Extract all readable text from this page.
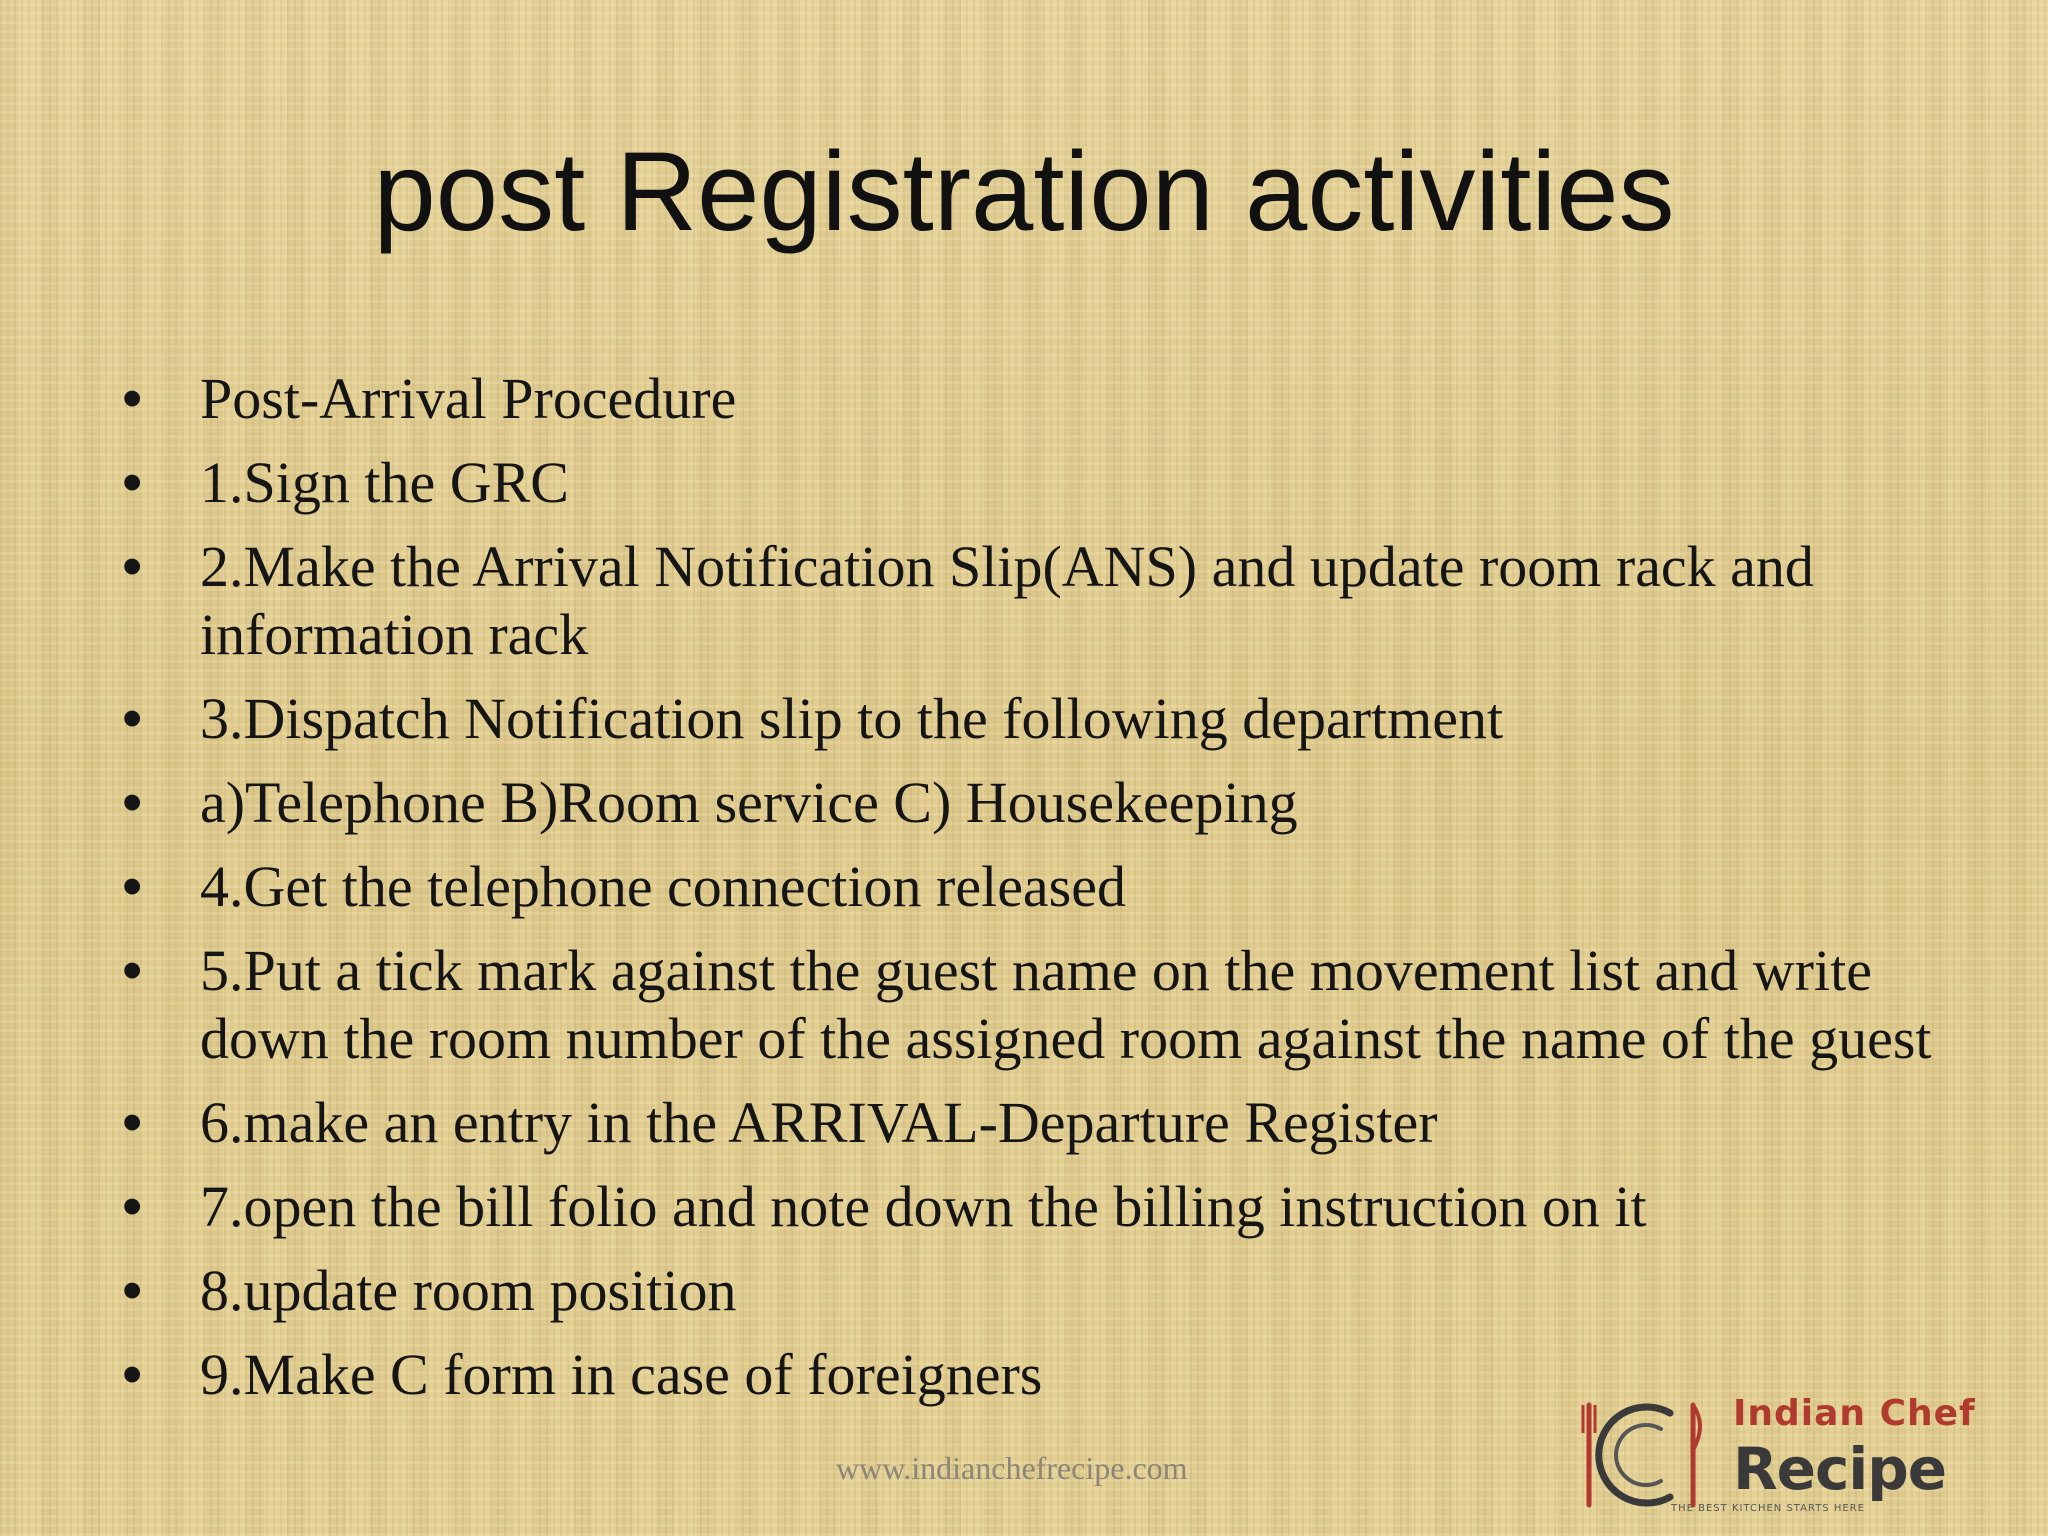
post Registration activities
• Post-Arrival Procedure
• 1.Sign the GRC
• 2.Make the Arrival Notification Slip(ANS) and update room rack and information rack
• 3.Dispatch Notification slip to the following department
• a)Telephone B)Room service C) Housekeeping
• 4.Get the telephone connection released
• 5.Put a tick mark against the guest name on the movement list and write down the room number of the assigned room against the name of the guest
• 6.make an entry in the ARRIVAL-Departure Register
• 7.open the bill folio and note down the billing instruction on it
• 8.update room position
• 9.Make C form in case of foreigners
www.indianchefrecipe.com
Indian Chef
Recipe
THE BEST KITCHEN STARTS HERE
